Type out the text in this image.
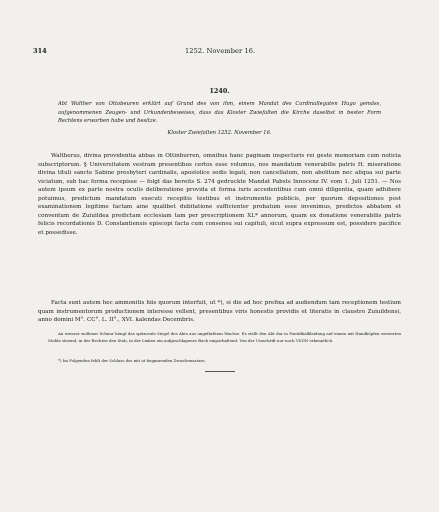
314	1252. November 16.
1240.

Abt Walther von Ottobeuren erklärt auf Grund des von ihm, einem Mandat des Cardinallegaten Hugo gemäss, aufgenommenen Zeugen- und Urkundenbeweises, dass das Kloster Zwiefalten die Kirche daselbst in bester Form Rechtens erworben habe und besitze.

Kloster Zwiefalten 1252. November 16.

Waltherus, divina providentia abbas in Ottinburren, omnibus hanc paginam inspecturis rei geste memoriam cum noticia subscriptorum. § Universitatem vestram presentibus certos esse volumus, nos mandatum venerabilis patris H. miseratione divina tituli sancte Sabine presbyteri cardinalis, apostolice sedis legati, non cancellatum, non abolitum nec aliqua sui parte viciatum, sub hac forma recepisse — folgt das bereits S. 274 gedruckte Mandat Pabsts Innocenz IV. vom 1. Juli 1251. — Nos autem ipsum ex parte nostra oculis deliberatione provida et forma iuris accedentibus cum omni diligentia, quam adhibere potuimus, predictum mandatum executi recepitis testibus et instrumentis publicis, per quorum depositiones post examinationem legitime factam aine qualibet dubitatione sufficienter probatum esse invenimus, predictos abbatem et conventum de Zuiuildea predictam ecclesiam tam per prescriptionem XL* annorum, quam ex donatione venerabilis patris felicis recordationis D. Constantiensis episcopi facta cum consensu sui capituli, sicut supra expressum est, possidere pacifice et possedisse.

Facta sunt autem hec ammonitis hiis quorum interfuit, ut *), si die ad hoc prefixa ad audiendum tam receptionem testium quam instrumentorum productionem interesse vellent, presentibus viris honestis providis et literatis in claustro Zuiuildensi, anno domini M°. CC°. L. II°., XVI. kalendas Decembris.

An weisser wollener Schnur hängt das spitzovale Siegel des Abts aus ungefärbtem Wachse. Es stellt den Abt dar in Pontifikalkleidung auf einem mit Handköpfen verzierten Stuhle sitzend, in der Rechten den Stab, in der Linken ein aufgeschlagenes Buch emporhaltend. Von der Umschrift nur noch VIGIN erkenntlich.

*) Im Folgenden fehlt der Schluss des mit ut beginnenden Zwischensatzes.
